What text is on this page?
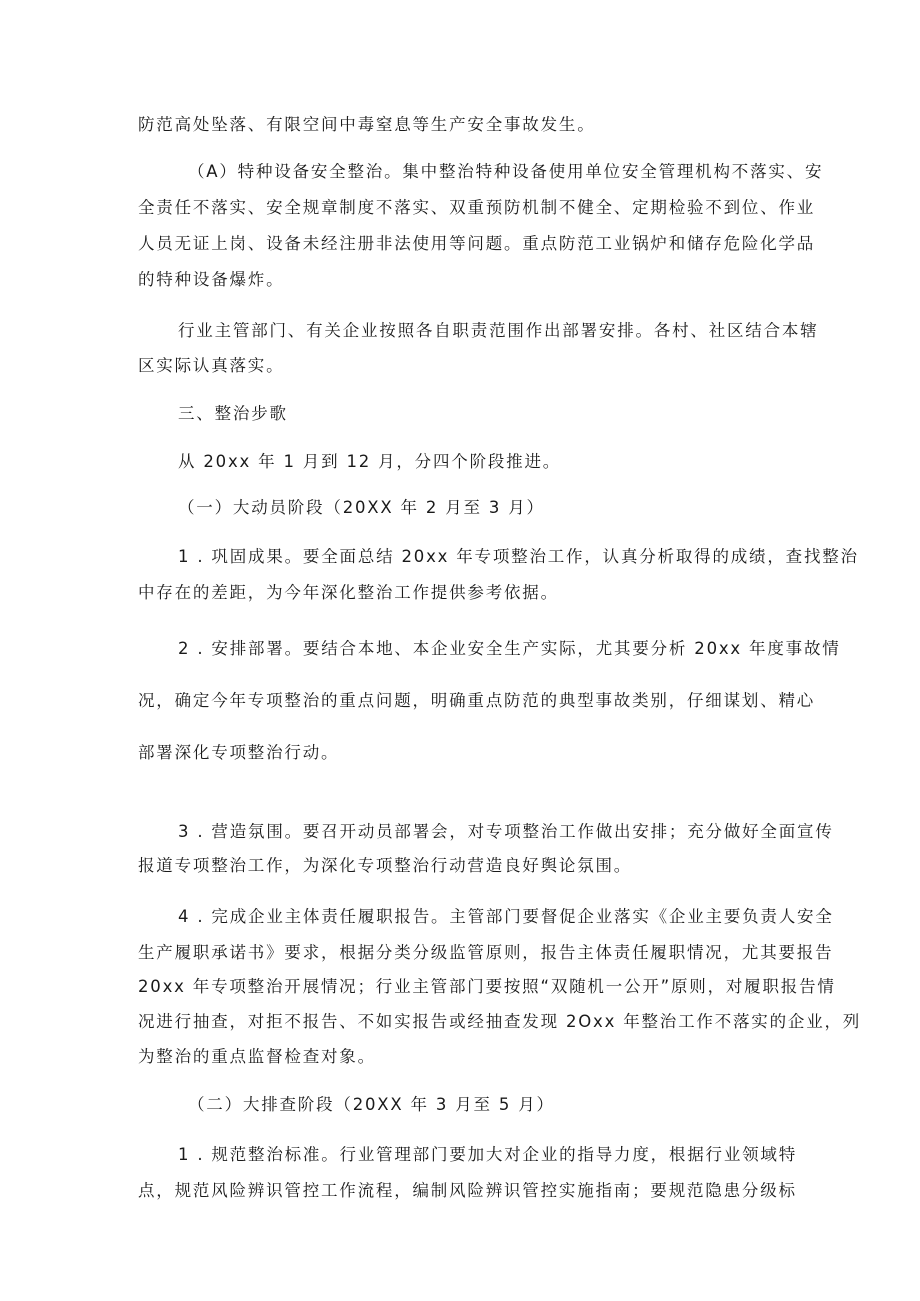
防范高处坠落、有限空间中毒窒息等生产安全事故发生。
（A）特种设备安全整治。集中整治特种设备使用单位安全管理机构不落实、安
全责任不落实、安全规章制度不落实、双重预防机制不健全、定期检验不到位、作业
人员无证上岗、设备未经注册非法使用等问题。重点防范工业锅炉和储存危险化学品
的特种设备爆炸。
行业主管部门、有关企业按照各自职责范围作出部署安排。各村、社区结合本辖
区实际认真落实。
三、整治步歌
从 20xx 年 1 月到 12 月，分四个阶段推进。
（一）大动员阶段（20XX 年 2 月至 3 月）
1 . 巩固成果。要全面总结 20xx 年专项整治工作，认真分析取得的成绩，查找整治
中存在的差距，为今年深化整治工作提供参考依据。
2 . 安排部署。要结合本地、本企业安全生产实际，尤其要分析 20xx 年度事故情
况，确定今年专项整治的重点问题，明确重点防范的典型事故类别，仔细谋划、精心
部署深化专项整治行动。
3 . 营造氛围。要召开动员部署会，对专项整治工作做出安排；充分做好全面宣传
报道专项整治工作，为深化专项整治行动营造良好舆论氛围。
4 . 完成企业主体责任履职报告。主管部门要督促企业落实《企业主要负责人安全
生产履职承诺书》要求，根据分类分级监管原则，报告主体责任履职情况，尤其要报告
20xx 年专项整治开展情况；行业主管部门要按照“双随机一公开”原则，对履职报告情
况进行抽查，对拒不报告、不如实报告或经抽查发现 2Oxx 年整治工作不落实的企业，列
为整治的重点监督检查对象。
（二）大排查阶段（20XX 年 3 月至 5 月）
1 . 规范整治标准。行业管理部门要加大对企业的指导力度，根据行业领域特
点，规范风险辨识管控工作流程，编制风险辨识管控实施指南；要规范隐患分级标
